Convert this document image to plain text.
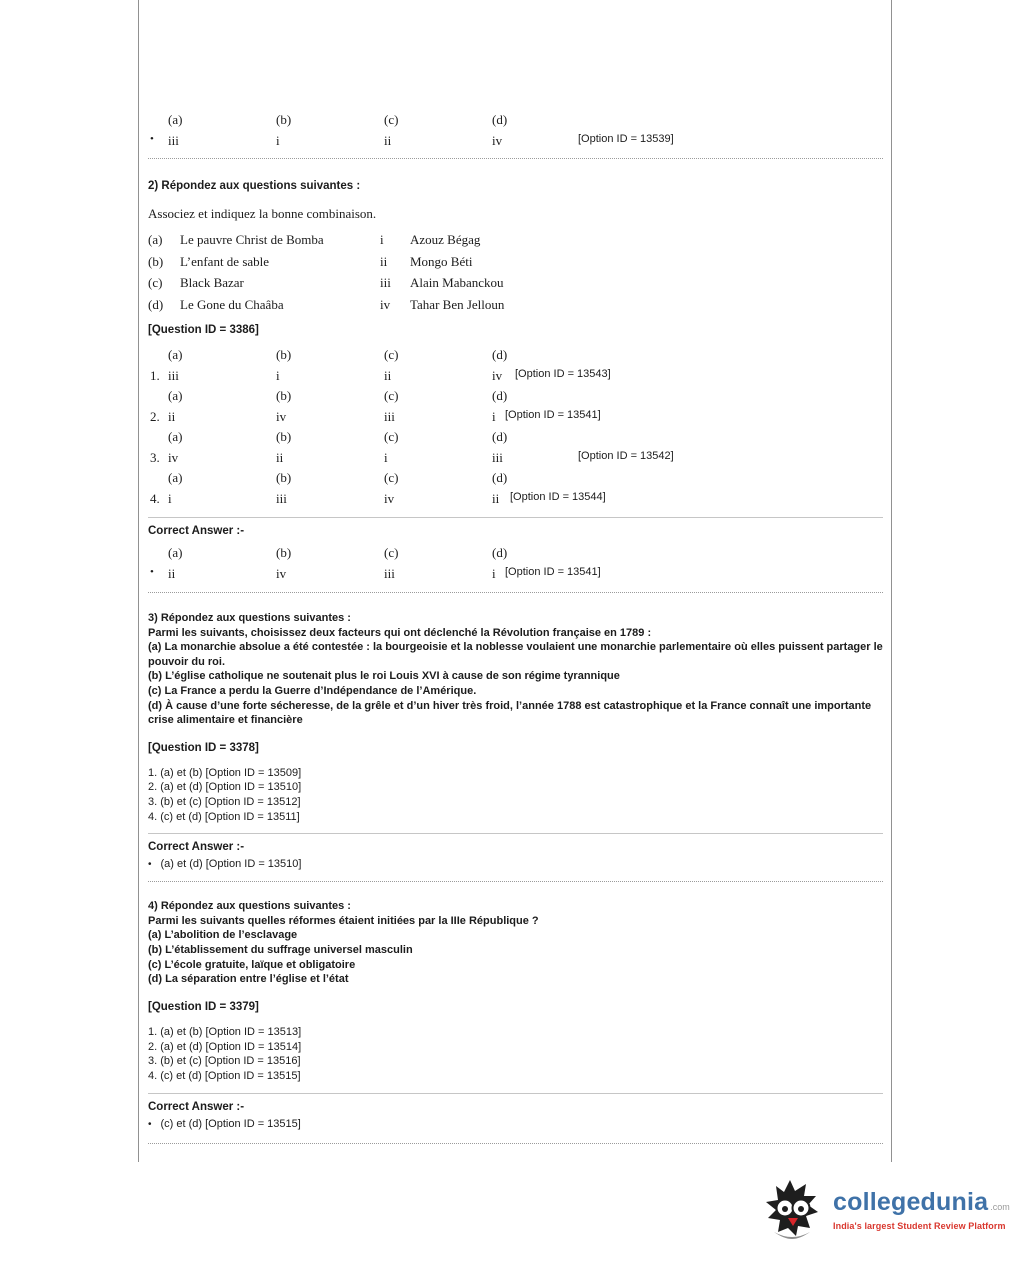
(a)	(b)	(c)	(d)
• iii	i	ii	iv	[Option ID = 13539]
2) Répondez aux questions suivantes :
Associez et indiquez la bonne combinaison.
(a) Le pauvre Christ de Bomba	i Azouz Bégag
(b) L’enfant de sable	ii Mongo Béti
(c) Black Bazar	iii Alain Mabanckou
(d) Le Gone du Chaâba	iv Tahar Ben Jelloun
[Question ID = 3386]
(a)	(b)	(c)	(d)
1. iii	i	ii	iv [Option ID = 13543]
(a)	(b)	(c)	(d)
2. ii	iv	iii	i [Option ID = 13541]
(a)	(b)	(c)	(d)
3. iv	ii	i	iii	[Option ID = 13542]
(a)	(b)	(c)	(d)
4. i	iii	iv	ii [Option ID = 13544]
Correct Answer :-
(a)	(b)	(c)	(d)
• ii	iv	iii	i [Option ID = 13541]
3) Répondez aux questions suivantes :
Parmi les suivants, choisissez deux facteurs qui ont déclenché la Révolution française en 1789 :
(a) La monarchie absolue a été contestée : la bourgeoisie et la noblesse voulaient une monarchie parlementaire où elles puissent partager le pouvoir du roi.
(b) L’église catholique ne soutenait plus le roi Louis XVI à cause de son régime tyrannique
(c) La France a perdu la Guerre d’Indépendance de l’Amérique.
(d) À cause d’une forte sécheresse, de la grêle et d’un hiver très froid, l’année 1788 est catastrophique et la France connaît une importante crise alimentaire et financière
[Question ID = 3378]
1. (a) et (b) [Option ID = 13509]
2. (a) et (d) [Option ID = 13510]
3. (b) et (c) [Option ID = 13512]
4. (c) et (d) [Option ID = 13511]
Correct Answer :-
• (a) et (d) [Option ID = 13510]
4) Répondez aux questions suivantes :
Parmi les suivants quelles réformes étaient initiées par la IIIe République ?
(a) L’abolition de l’esclavage
(b) L’établissement du suffrage universel masculin
(c) L’école gratuite, laïque et obligatoire
(d) La séparation entre l’église et l’état
[Question ID = 3379]
1. (a) et (b) [Option ID = 13513]
2. (a) et (d) [Option ID = 13514]
3. (b) et (c) [Option ID = 13516]
4. (c) et (d) [Option ID = 13515]
Correct Answer :-
• (c) et (d) [Option ID = 13515]
collegedunia .com
India's largest Student Review Platform
